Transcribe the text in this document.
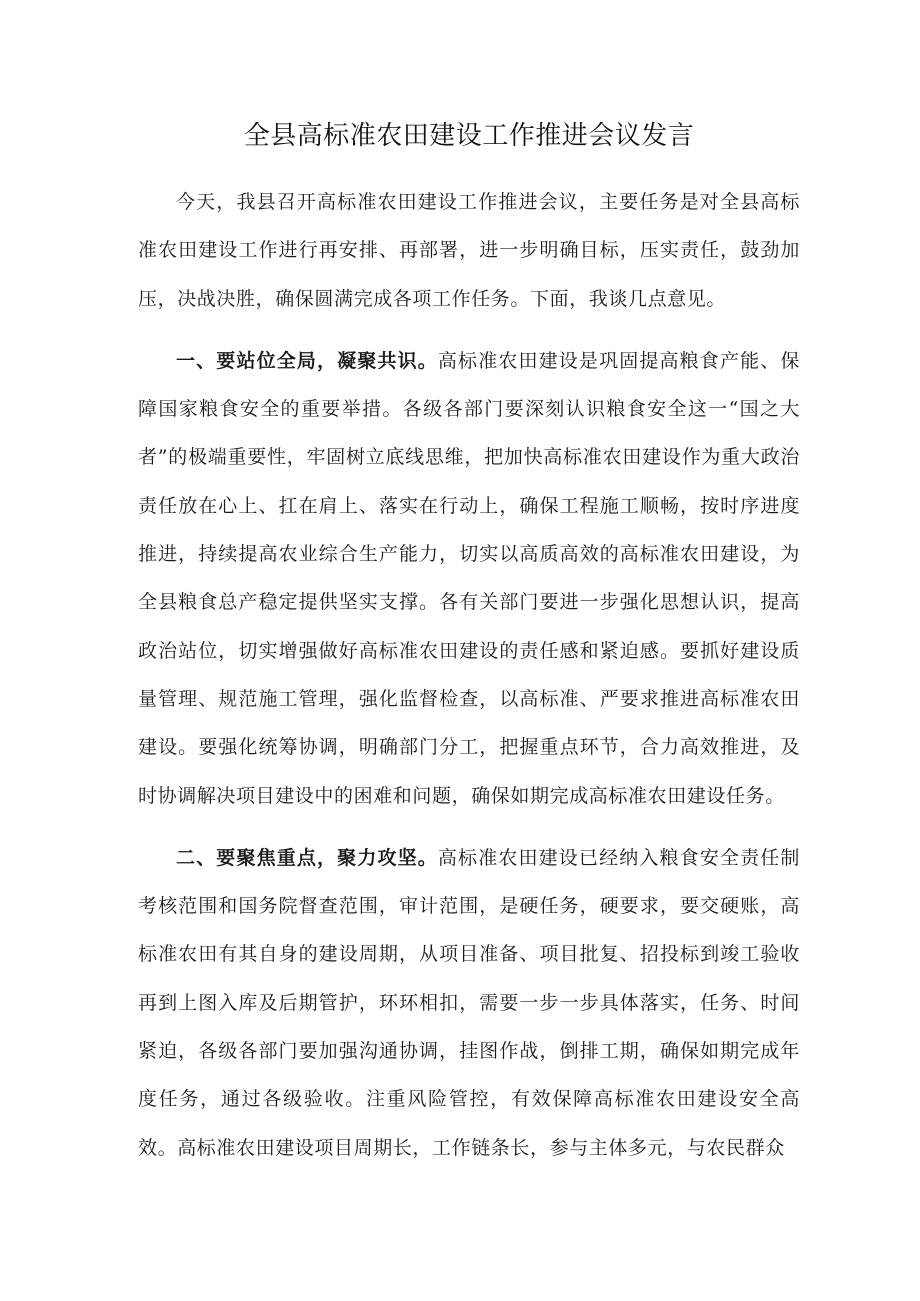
全县高标准农田建设工作推进会议发言

今天，我县召开高标准农田建设工作推进会议，主要任务是对全县高标准农田建设工作进行再安排、再部署，进一步明确目标，压实责任，鼓劲加压，决战决胜，确保圆满完成各项工作任务。下面，我谈几点意见。

一、要站位全局，凝聚共识。高标准农田建设是巩固提高粮食产能、保障国家粮食安全的重要举措。各级各部门要深刻认识粮食安全这一“国之大者”的极端重要性，牢固树立底线思维，把加快高标准农田建设作为重大政治责任放在心上、扛在肩上、落实在行动上，确保工程施工顺畅，按时序进度推进，持续提高农业综合生产能力，切实以高质高效的高标准农田建设，为全县粮食总产稳定提供坚实支撑。各有关部门要进一步强化思想认识，提高政治站位，切实增强做好高标准农田建设的责任感和紧迫感。要抓好建设质量管理、规范施工管理，强化监督检查，以高标准、严要求推进高标准农田建设。要强化统筹协调，明确部门分工，把握重点环节，合力高效推进，及时协调解决项目建设中的困难和问题，确保如期完成高标准农田建设任务。

二、要聚焦重点，聚力攻坚。高标准农田建设已经纳入粮食安全责任制考核范围和国务院督查范围，审计范围，是硬任务，硬要求，要交硬账，高标准农田有其自身的建设周期，从项目准备、项目批复、招投标到竣工验收再到上图入库及后期管护，环环相扣，需要一步一步具体落实，任务、时间紧迫，各级各部门要加强沟通协调，挂图作战，倒排工期，确保如期完成年度任务，通过各级验收。注重风险管控，有效保障高标准农田建设安全高效。高标准农田建设项目周期长，工作链条长，参与主体多元，与农民群众
